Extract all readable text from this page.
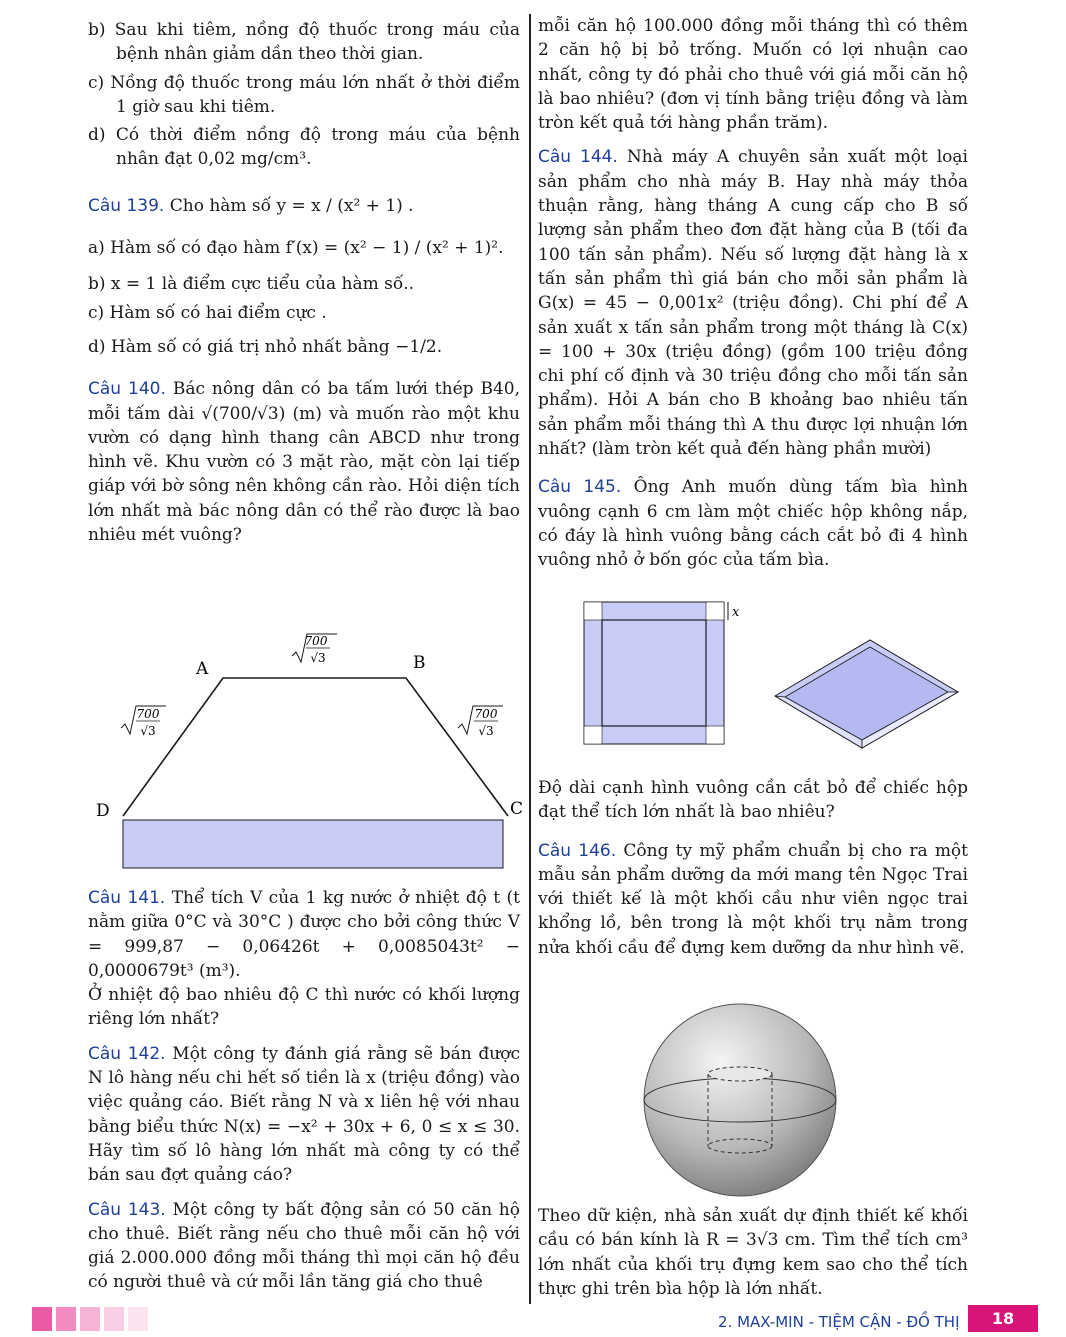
b) Sau khi tiêm, nồng độ thuốc trong máu của bệnh nhân giảm dần theo thời gian.

c) Nồng độ thuốc trong máu lớn nhất ở thời điểm 1 giờ sau khi tiêm.

d) Có thời điểm nồng độ trong máu của bệnh nhân đạt 0,02 mg/cm³.

Câu 139. Cho hàm số y = x / (x² + 1) .

a) Hàm số có đạo hàm f′(x) = (x² − 1) / (x² + 1)².

b) x = 1 là điểm cực tiểu của hàm số..

c) Hàm số có hai điểm cực .

d) Hàm số có giá trị nhỏ nhất bằng −1/2.

Câu 140. Bác nông dân có ba tấm lưới thép B40, mỗi tấm dài √(700/√3) (m) và muốn rào một khu vườn có dạng hình thang cân ABCD như trong hình vẽ. Khu vườn có 3 mặt rào, mặt còn lại tiếp giáp với bờ sông nên không cần rào. Hỏi diện tích lớn nhất mà bác nông dân có thể rào được là bao nhiêu mét vuông?

A	B
C
D
700
√3
700
√3
700
√3

Câu 141. Thể tích V của 1 kg nước ở nhiệt độ t (t nằm giữa 0°C và 30°C ) được cho bởi công thức V = 999,87 − 0,06426t + 0,0085043t² − 0,0000679t³ (m³).

Ở nhiệt độ bao nhiêu độ C thì nước có khối lượng riêng lớn nhất?

Câu 142. Một công ty đánh giá rằng sẽ bán được N lô hàng nếu chi hết số tiền là x (triệu đồng) vào việc quảng cáo. Biết rằng N và x liên hệ với nhau bằng biểu thức N(x) = −x² + 30x + 6, 0 ≤ x ≤ 30. Hãy tìm số lô hàng lớn nhất mà công ty có thể bán sau đợt quảng cáo?

Câu 143. Một công ty bất động sản có 50 căn hộ cho thuê. Biết rằng nếu cho thuê mỗi căn hộ với giá 2.000.000 đồng mỗi tháng thì mọi căn hộ đều có người thuê và cứ mỗi lần tăng giá cho thuê

mỗi căn hộ 100.000 đồng mỗi tháng thì có thêm 2 căn hộ bị bỏ trống. Muốn có lợi nhuận cao nhất, công ty đó phải cho thuê với giá mỗi căn hộ là bao nhiêu? (đơn vị tính bằng triệu đồng và làm tròn kết quả tới hàng phần trăm).

Câu 144. Nhà máy A chuyên sản xuất một loại sản phẩm cho nhà máy B. Hay nhà máy thỏa thuận rằng, hàng tháng A cung cấp cho B số lượng sản phẩm theo đơn đặt hàng của B (tối đa 100 tấn sản phẩm). Nếu số lượng đặt hàng là x tấn sản phẩm thì giá bán cho mỗi sản phẩm là G(x) = 45 − 0,001x² (triệu đồng). Chi phí để A sản xuất x tấn sản phẩm trong một tháng là C(x) = 100 + 30x (triệu đồng) (gồm 100 triệu đồng chi phí cố định và 30 triệu đồng cho mỗi tấn sản phẩm). Hỏi A bán cho B khoảng bao nhiêu tấn sản phẩm mỗi tháng thì A thu được lợi nhuận lớn nhất? (làm tròn kết quả đến hàng phần mười)

Câu 145. Ông Anh muốn dùng tấm bìa hình vuông cạnh 6 cm làm một chiếc hộp không nắp, có đáy là hình vuông bằng cách cắt bỏ đi 4 hình vuông nhỏ ở bốn góc của tấm bìa.

x

Độ dài cạnh hình vuông cần cắt bỏ để chiếc hộp đạt thể tích lớn nhất là bao nhiêu?

Câu 146. Công ty mỹ phẩm chuẩn bị cho ra một mẫu sản phẩm dưỡng da mới mang tên Ngọc Trai với thiết kế là một khối cầu như viên ngọc trai khổng lồ, bên trong là một khối trụ nằm trong nửa khối cầu để đựng kem dưỡng da như hình vẽ.

Theo dữ kiện, nhà sản xuất dự định thiết kế khối cầu có bán kính là R = 3√3 cm. Tìm thể tích cm³ lớn nhất của khối trụ đựng kem sao cho thể tích thực ghi trên bìa hộp là lớn nhất.

2. MAX-MIN - TIỆM CẬN - ĐỒ THỊ	18
